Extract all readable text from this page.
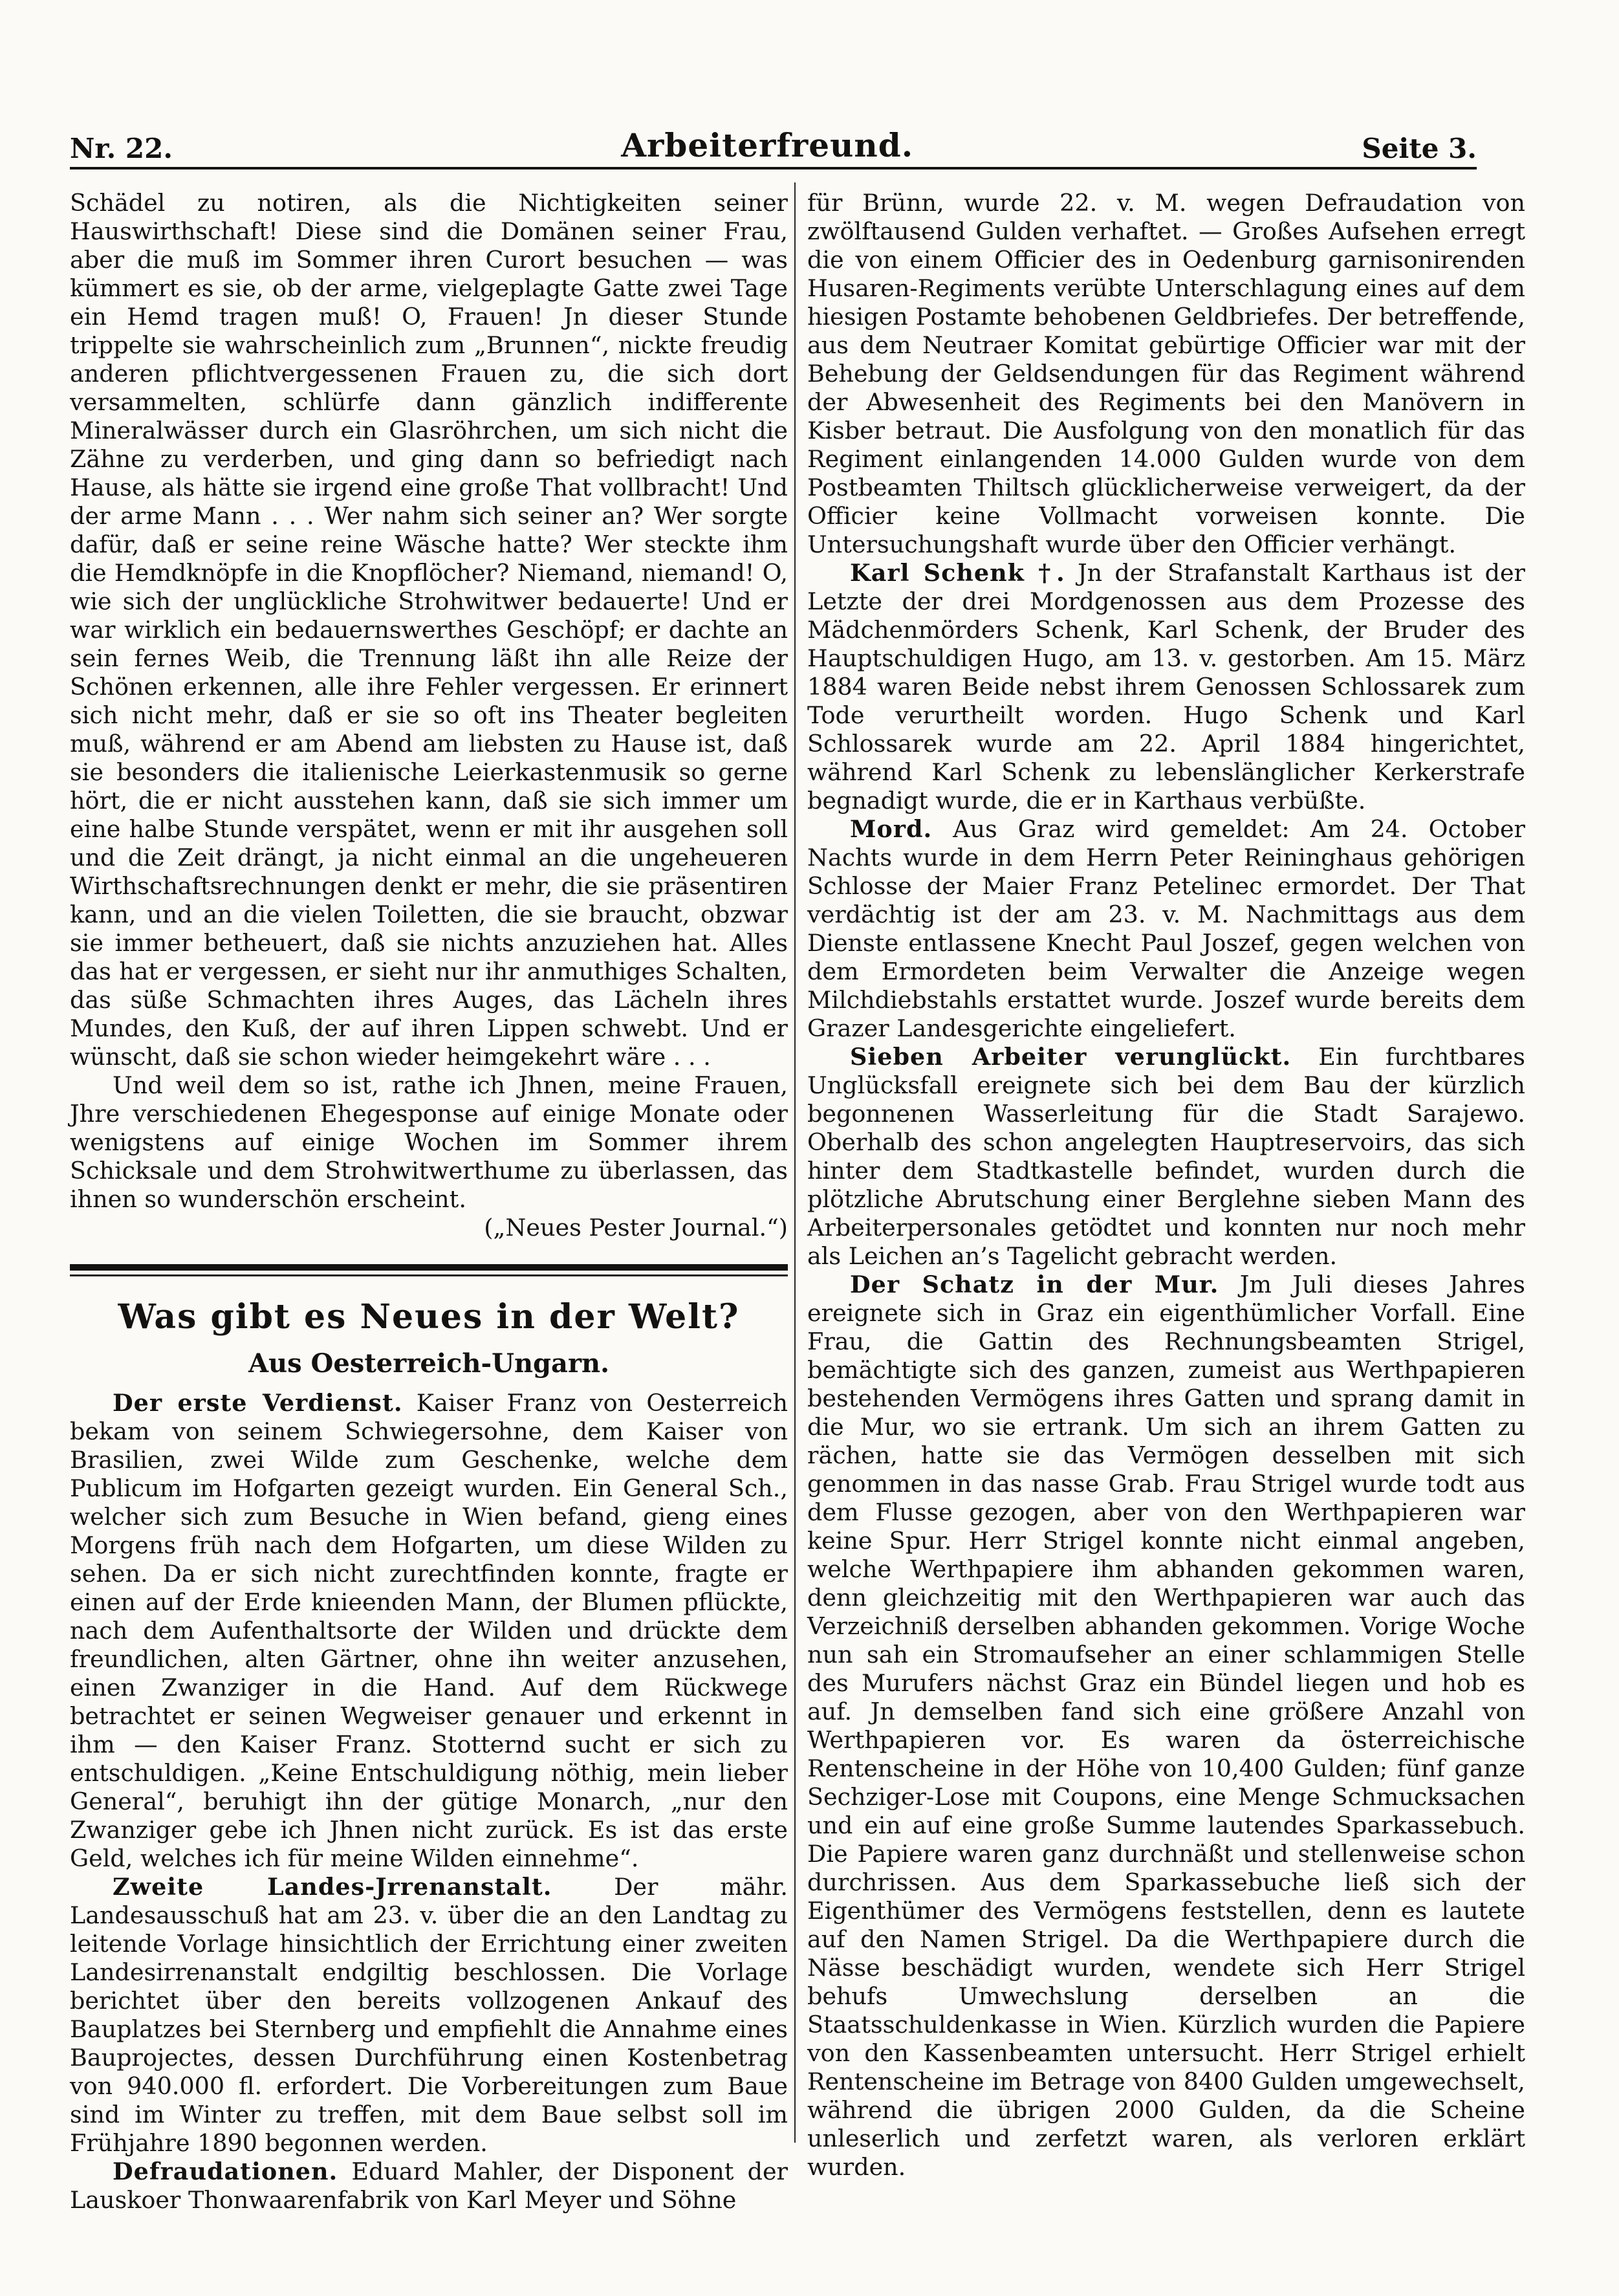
Nr. 22.	Arbeiterfreund.	Seite 3.

Schädel zu notiren, als die Nichtigkeiten seiner Hauswirthschaft! Diese sind die Domänen seiner Frau, aber die muß im Sommer ihren Curort besuchen — was kümmert es sie, ob der arme, vielgeplagte Gatte zwei Tage ein Hemd tragen muß! O, Frauen! Jn dieser Stunde trippelte sie wahrscheinlich zum „Brunnen“, nickte freudig anderen pflichtvergessenen Frauen zu, die sich dort versammelten, schlürfe dann gänzlich indifferente Mineralwässer durch ein Glasröhrchen, um sich nicht die Zähne zu verderben, und ging dann so befriedigt nach Hause, als hätte sie irgend eine große That vollbracht! Und der arme Mann . . . Wer nahm sich seiner an? Wer sorgte dafür, daß er seine reine Wäsche hatte? Wer steckte ihm die Hemdknöpfe in die Knopflöcher? Niemand, niemand! O, wie sich der unglückliche Strohwitwer bedauerte! Und er war wirklich ein bedauernswerthes Geschöpf; er dachte an sein fernes Weib, die Trennung läßt ihn alle Reize der Schönen erkennen, alle ihre Fehler vergessen. Er erinnert sich nicht mehr, daß er sie so oft ins Theater begleiten muß, während er am Abend am liebsten zu Hause ist, daß sie besonders die italienische Leierkastenmusik so gerne hört, die er nicht ausstehen kann, daß sie sich immer um eine halbe Stunde verspätet, wenn er mit ihr ausgehen soll und die Zeit drängt, ja nicht einmal an die ungeheueren Wirthschaftsrechnungen denkt er mehr, die sie präsentiren kann, und an die vielen Toiletten, die sie braucht, obzwar sie immer betheuert, daß sie nichts anzuziehen hat. Alles das hat er vergessen, er sieht nur ihr anmuthiges Schalten, das süße Schmachten ihres Auges, das Lächeln ihres Mundes, den Kuß, der auf ihren Lippen schwebt. Und er wünscht, daß sie schon wieder heimgekehrt wäre . . .

Und weil dem so ist, rathe ich Jhnen, meine Frauen, Jhre verschiedenen Ehegesponse auf einige Monate oder wenigstens auf einige Wochen im Sommer ihrem Schicksale und dem Strohwitwerthume zu überlassen, das ihnen so wunderschön erscheint.

(„Neues Pester Journal.“)

Was gibt es Neues in der Welt?
Aus Oesterreich-Ungarn.

Der erste Verdienst. Kaiser Franz von Oesterreich bekam von seinem Schwiegersohne, dem Kaiser von Brasilien, zwei Wilde zum Geschenke, welche dem Publicum im Hofgarten gezeigt wurden. Ein General Sch., welcher sich zum Besuche in Wien befand, gieng eines Morgens früh nach dem Hofgarten, um diese Wilden zu sehen. Da er sich nicht zurechtfinden konnte, fragte er einen auf der Erde knieenden Mann, der Blumen pflückte, nach dem Aufenthaltsorte der Wilden und drückte dem freundlichen, alten Gärtner, ohne ihn weiter anzusehen, einen Zwanziger in die Hand. Auf dem Rückwege betrachtet er seinen Wegweiser genauer und erkennt in ihm — den Kaiser Franz. Stotternd sucht er sich zu entschuldigen. „Keine Entschuldigung nöthig, mein lieber General“, beruhigt ihn der gütige Monarch, „nur den Zwanziger gebe ich Jhnen nicht zurück. Es ist das erste Geld, welches ich für meine Wilden einnehme“.

Zweite Landes-Jrrenanstalt.	Der mähr. Landesausschuß hat am 23. v. über die an den Landtag zu leitende Vorlage hinsichtlich der Errichtung einer zweiten Landesirrenanstalt endgiltig beschlossen. Die Vorlage berichtet über den bereits vollzogenen Ankauf des Bauplatzes bei Sternberg und empfiehlt die Annahme eines Bauprojectes, dessen Durchführung einen Kostenbetrag von 940.000 fl. erfordert. Die Vorbereitungen zum Baue sind im Winter zu treffen, mit dem Baue selbst soll im Frühjahre 1890 begonnen werden.

Defraudationen. Eduard Mahler, der Disponent der Lauskoer Thonwaarenfabrik von Karl Meyer und Söhne

für Brünn, wurde 22. v. M. wegen Defraudation von zwölftausend Gulden verhaftet. — Großes Aufsehen erregt die von einem Officier des in Oedenburg garnisonirenden Husaren-Regiments verübte Unterschlagung eines auf dem hiesigen Postamte behobenen Geldbriefes. Der betreffende, aus dem Neutraer Komitat gebürtige Officier war mit der Behebung der Geldsendungen für das Regiment während der Abwesenheit des Regiments bei den Manövern in Kisber betraut. Die Ausfolgung von den monatlich für das Regiment einlangenden 14.000 Gulden wurde von dem Postbeamten Thiltsch glücklicherweise verweigert, da der Officier keine Vollmacht vorweisen konnte. Die Untersuchungshaft wurde über den Officier verhängt.

Karl Schenk †. Jn der Strafanstalt Karthaus ist der Letzte der drei Mordgenossen aus dem Prozesse des Mädchenmörders Schenk, Karl Schenk, der Bruder des Hauptschuldigen Hugo, am 13. v. gestorben. Am 15. März 1884 waren Beide nebst ihrem Genossen Schlossarek zum Tode verurtheilt worden. Hugo Schenk und Karl Schlossarek wurde am 22. April 1884 hingerichtet, während Karl Schenk zu lebenslänglicher Kerkerstrafe begnadigt wurde, die er in Karthaus verbüßte.

Mord. Aus Graz wird gemeldet: Am 24. October Nachts wurde in dem Herrn Peter Reininghaus gehörigen Schlosse der Maier Franz Petelinec ermordet. Der That verdächtig ist der am 23. v. M. Nachmittags aus dem Dienste entlassene Knecht Paul Joszef, gegen welchen von dem Ermordeten beim Verwalter die Anzeige wegen Milchdiebstahls erstattet wurde. Joszef wurde bereits dem Grazer Landesgerichte eingeliefert.

Sieben Arbeiter verunglückt. Ein furchtbares Unglücksfall ereignete sich bei dem Bau der kürzlich begonnenen Wasserleitung für die Stadt Sarajewo. Oberhalb des schon angelegten Hauptreservoirs, das sich hinter dem Stadtkastelle befindet, wurden durch die plötzliche Abrutschung einer Berglehne sieben Mann des Arbeiterpersonales getödtet und konnten nur noch mehr als Leichen an’s Tagelicht gebracht werden.

Der Schatz in der Mur. Jm Juli dieses Jahres ereignete sich in Graz ein eigenthümlicher Vorfall. Eine Frau, die Gattin des Rechnungsbeamten Strigel, bemächtigte sich des ganzen, zumeist aus Werthpapieren bestehenden Vermögens ihres Gatten und sprang damit in die Mur, wo sie ertrank. Um sich an ihrem Gatten zu rächen, hatte sie das Vermögen desselben mit sich genommen in das nasse Grab. Frau Strigel wurde todt aus dem Flusse gezogen, aber von den Werthpapieren war keine Spur. Herr Strigel konnte nicht einmal angeben, welche Werthpapiere ihm abhanden gekommen waren, denn gleichzeitig mit den Werthpapieren war auch das Verzeichniß derselben abhanden gekommen. Vorige Woche nun sah ein Stromaufseher an einer schlammigen Stelle des Murufers nächst Graz ein Bündel liegen und hob es auf. Jn demselben fand sich eine größere Anzahl von Werthpapieren vor. Es waren da österreichische Rentenscheine in der Höhe von 10,400 Gulden; fünf ganze Sechziger-Lose mit Coupons, eine Menge Schmucksachen und ein auf eine große Summe lautendes Sparkassebuch. Die Papiere waren ganz durchnäßt und stellenweise schon durchrissen. Aus dem Sparkassebuche ließ sich der Eigenthümer des Vermögens feststellen, denn es lautete auf den Namen Strigel. Da die Werthpapiere durch die Nässe beschädigt wurden, wendete sich Herr Strigel behufs Umwechslung derselben an die Staatsschuldenkasse in Wien. Kürzlich wurden die Papiere von den Kassenbeamten untersucht. Herr Strigel erhielt Rentenscheine im Betrage von 8400 Gulden umgewechselt, während die übrigen 2000 Gulden, da die Scheine unleserlich und zerfetzt waren, als verloren erklärt wurden.
